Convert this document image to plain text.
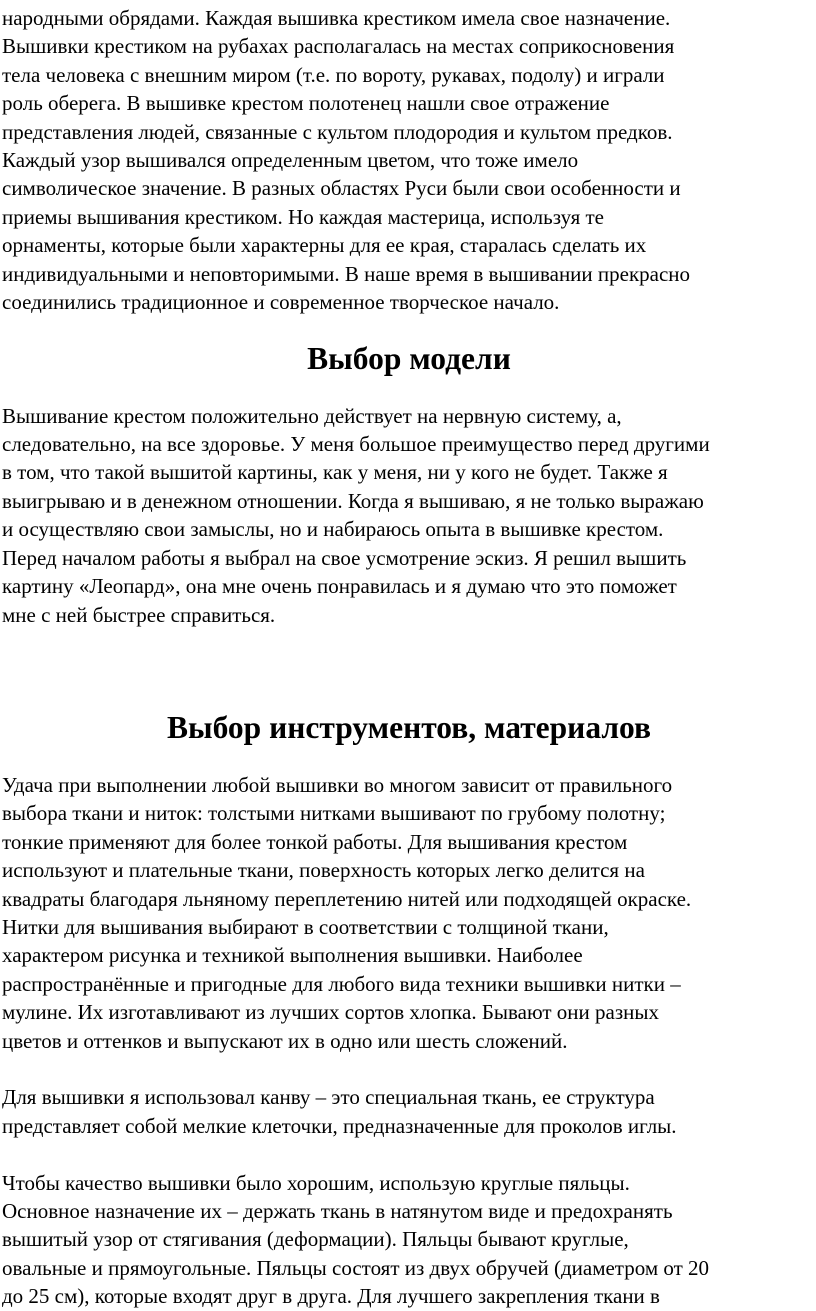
народными обрядами. Каждая вышивка крестиком имела свое назначение.
Вышивки крестиком на рубахах располагалась на местах соприкосновения
тела человека с внешним миром (т.е. по вороту, рукавах, подолу) и играли
роль оберега. В вышивке крестом полотенец нашли свое отражение
представления людей, связанные с культом плодородия и культом предков.
Каждый узор вышивался определенным цветом, что тоже имело
символическое значение. В разных областях Руси были свои особенности и
приемы вышивания крестиком. Но каждая мастерица, используя те
орнаменты, которые были характерны для ее края, старалась сделать их
индивидуальными и неповторимыми. В наше время в вышивании прекрасно
соединились традиционное и современное творческое начало.

Выбор модели

Вышивание крестом положительно действует на нервную систему, а,
следовательно, на все здоровье. У меня большое преимущество перед другими
в том, что такой вышитой картины, как у меня, ни у кого не будет. Также я
выигрываю и в денежном отношении. Когда я вышиваю, я не только выражаю
и осуществляю свои замыслы, но и набираюсь опыта в вышивке крестом.
Перед началом работы я выбрал на свое усмотрение эскиз. Я решил вышить
картину «Леопард», она мне очень понравилась и я думаю что это поможет
мне с ней быстрее справиться.

Выбор инструментов, материалов

Удача при выполнении любой вышивки во многом зависит от правильного
выбора ткани и ниток: толстыми нитками вышивают по грубому полотну;
тонкие применяют для более тонкой работы. Для вышивания крестом
используют и плательные ткани, поверхность которых легко делится на
квадраты благодаря льняному переплетению нитей или подходящей окраске.
Нитки для вышивания выбирают в соответствии с толщиной ткани,
характером рисунка и техникой выполнения вышивки. Наиболее
распространённые и пригодные для любого вида техники вышивки нитки –
мулине. Их изготавливают из лучших сортов хлопка. Бывают они разных
цветов и оттенков и выпускают их в одно или шесть сложений.

Для вышивки я использовал канву – это специальная ткань, ее структура
представляет собой мелкие клеточки, предназначенные для проколов иглы.

Чтобы качество вышивки было хорошим, использую круглые пяльцы.
Основное назначение их – держать ткань в натянутом виде и предохранять
вышитый узор от стягивания (деформации). Пяльцы бывают круглые,
овальные и прямоугольные. Пяльцы состоят из двух обручей (диаметром от 20
до 25 см), которые входят друг в друга. Для лучшего закрепления ткани в
